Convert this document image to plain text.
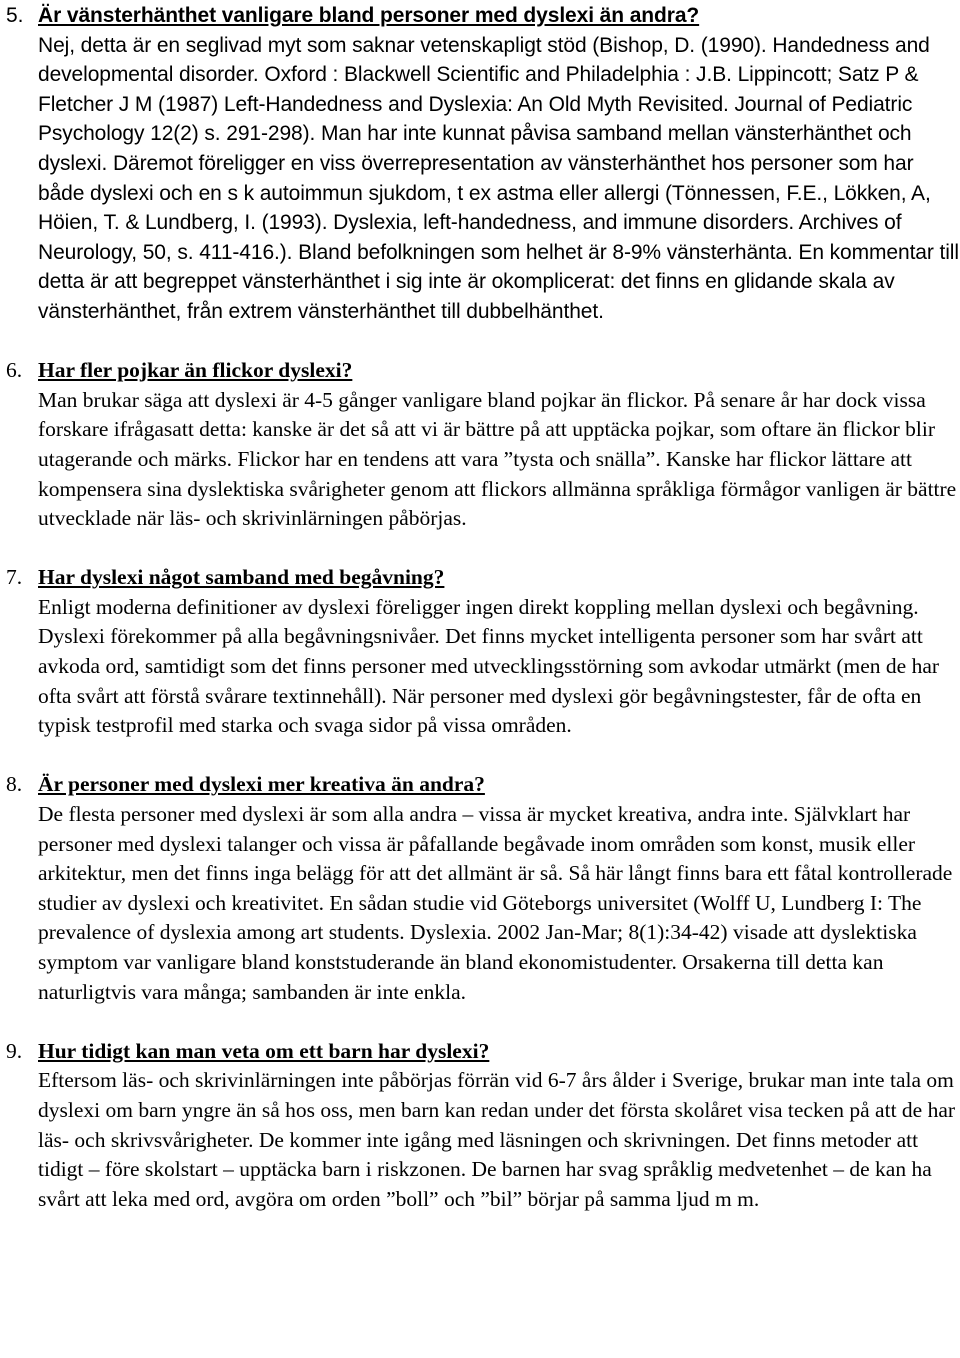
5. Är vänsterhänthet vanligare bland personer med dyslexi än andra?
Nej, detta är en seglivad myt som saknar vetenskapligt stöd (Bishop, D. (1990). Handedness and developmental disorder. Oxford : Blackwell Scientific and Philadelphia : J.B. Lippincott; Satz P & Fletcher J M (1987) Left-Handedness and Dyslexia: An Old Myth Revisited. Journal of Pediatric Psychology 12(2) s. 291-298). Man har inte kunnat påvisa samband mellan vänsterhänthet och dyslexi. Däremot föreligger en viss överrepresentation av vänsterhänthet hos personer som har både dyslexi och en s k autoimmun sjukdom, t ex astma eller allergi (Tönnessen, F.E., Lökken, A, Höien, T. & Lundberg, I. (1993). Dyslexia, left-handedness, and immune disorders. Archives of Neurology, 50, s. 411-416.). Bland befolkningen som helhet är 8-9% vänsterhänta. En kommentar till detta är att begreppet vänsterhänthet i sig inte är okomplicerat: det finns en glidande skala av vänsterhänthet, från extrem vänsterhänthet till dubbelhänthet.
6. Har fler pojkar än flickor dyslexi?
Man brukar säga att dyslexi är 4-5 gånger vanligare bland pojkar än flickor. På senare år har dock vissa forskare ifrågasatt detta: kanske är det så att vi är bättre på att upptäcka pojkar, som oftare än flickor blir utagerande och märks. Flickor har en tendens att vara ”tysta och snälla”. Kanske har flickor lättare att kompensera sina dyslektiska svårigheter genom att flickors allmänna språkliga förmågor vanligen är bättre utvecklade när läs- och skrivinlärningen påbörjas.
7. Har dyslexi något samband med begåvning?
Enligt moderna definitioner av dyslexi föreligger ingen direkt koppling mellan dyslexi och begåvning. Dyslexi förekommer på alla begåvningsnivåer. Det finns mycket intelligenta personer som har svårt att avkoda ord, samtidigt som det finns personer med utvecklingsstörning som avkodar utmärkt (men de har ofta svårt att förstå svårare textinnehåll). När personer med dyslexi gör begåvningstester, får de ofta en typisk testprofil med starka och svaga sidor på vissa områden.
8. Är personer med dyslexi mer kreativa än andra?
De flesta personer med dyslexi är som alla andra – vissa är mycket kreativa, andra inte. Självklart har personer med dyslexi talanger och vissa är påfallande begåvade inom områden som konst, musik eller arkitektur, men det finns inga belägg för att det allmänt är så. Så här långt finns bara ett fåtal kontrollerade studier av dyslexi och kreativitet. En sådan studie vid Göteborgs universitet (Wolff U, Lundberg I: The prevalence of dyslexia among art students. Dyslexia. 2002 Jan-Mar; 8(1):34-42) visade att dyslektiska symptom var vanligare bland konststuderande än bland ekonomistudenter. Orsakerna till detta kan naturligtvis vara många; sambanden är inte enkla.
9. Hur tidigt kan man veta om ett barn har dyslexi?
Eftersom läs- och skrivinlärningen inte påbörjas förrän vid 6-7 års ålder i Sverige, brukar man inte tala om dyslexi om barn yngre än så hos oss, men barn kan redan under det första skolåret visa tecken på att de har läs- och skrivsvårigheter. De kommer inte igång med läsningen och skrivningen. Det finns metoder att tidigt – före skolstart – upptäcka barn i riskzonen. De barnen har svag språklig medvetenhet – de kan ha svårt att leka med ord, avgöra om orden ”boll” och ”bil” börjar på samma ljud m m.
